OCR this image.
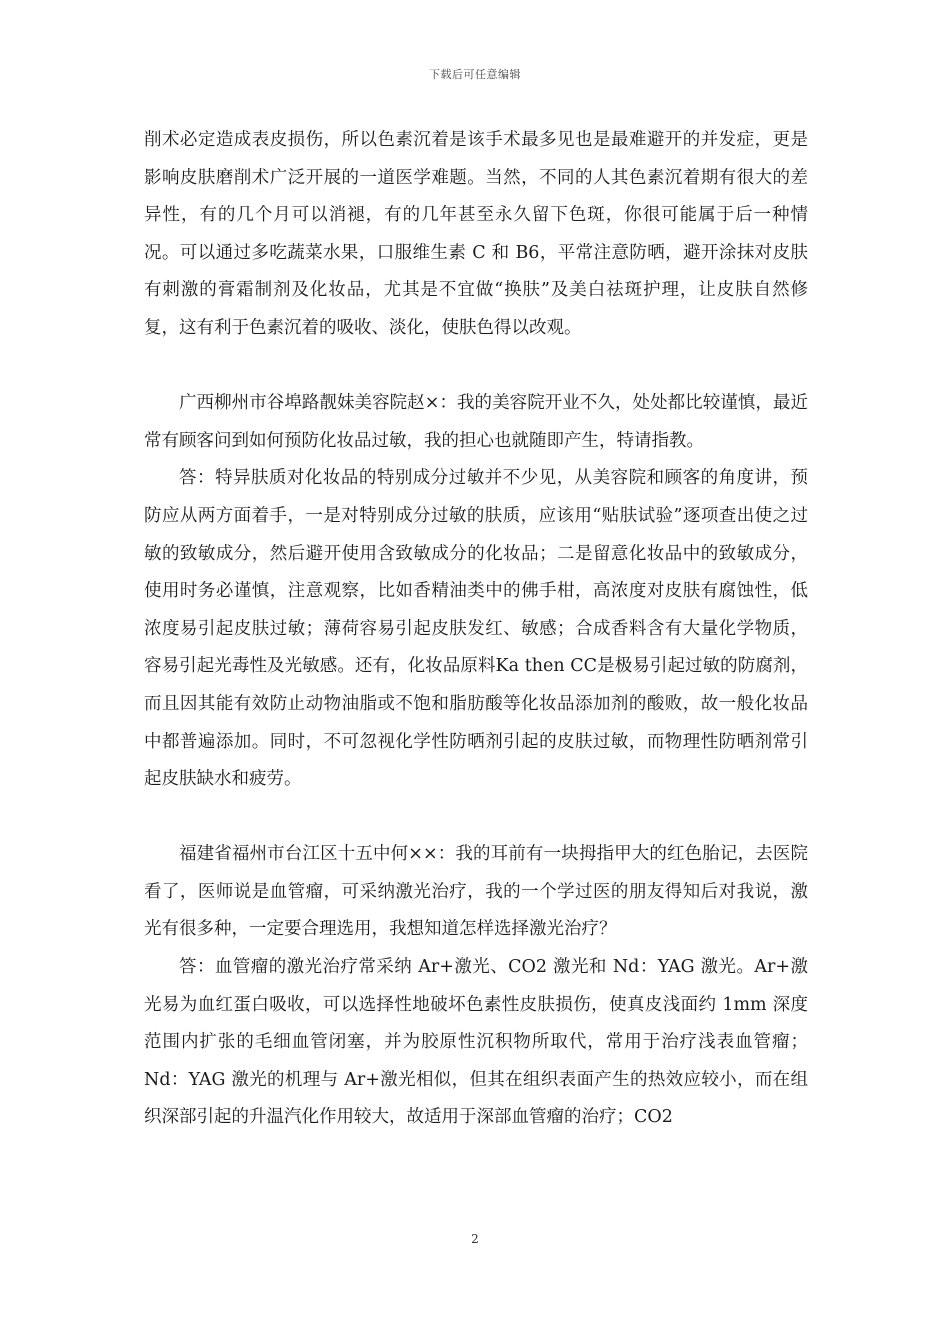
下载后可任意编辑

削术必定造成表皮损伤，所以色素沉着是该手术最多见也是最难避开的并发症，更是影响皮肤磨削术广泛开展的一道医学难题。当然，不同的人其色素沉着期有很大的差异性，有的几个月可以消褪，有的几年甚至永久留下色斑，你很可能属于后一种情况。可以通过多吃蔬菜水果，口服维生素 C 和 B6，平常注意防晒，避开涂抹对皮肤有刺激的膏霜制剂及化妆品，尤其是不宜做“换肤”及美白祛斑护理，让皮肤自然修复，这有利于色素沉着的吸收、淡化，使肤色得以改观。

广西柳州市谷埠路靓妹美容院赵×：我的美容院开业不久，处处都比较谨慎，最近常有顾客问到如何预防化妆品过敏，我的担心也就随即产生，特请指教。

答：特异肤质对化妆品的特别成分过敏并不少见，从美容院和顾客的角度讲，预防应从两方面着手，一是对特别成分过敏的肤质，应该用“贴肤试验”逐项查出使之过敏的致敏成分，然后避开使用含致敏成分的化妆品；二是留意化妆品中的致敏成分，使用时务必谨慎，注意观察，比如香精油类中的佛手柑，高浓度对皮肤有腐蚀性，低浓度易引起皮肤过敏；薄荷容易引起皮肤发红、敏感；合成香料含有大量化学物质，容易引起光毒性及光敏感。还有，化妆品原料Ka then CC是极易引起过敏的防腐剂，而且因其能有效防止动物油脂或不饱和脂肪酸等化妆品添加剂的酸败，故一般化妆品中都普遍添加。同时，不可忽视化学性防晒剂引起的皮肤过敏，而物理性防晒剂常引起皮肤缺水和疲劳。

福建省福州市台江区十五中何××：我的耳前有一块拇指甲大的红色胎记，去医院看了，医师说是血管瘤，可采纳激光治疗，我的一个学过医的朋友得知后对我说，激光有很多种，一定要合理选用，我想知道怎样选择激光治疗？

答：血管瘤的激光治疗常采纳 Ar+激光、CO2 激光和 Nd：YAG 激光。Ar+激光易为血红蛋白吸收，可以选择性地破坏色素性皮肤损伤，使真皮浅面约 1mm 深度范围内扩张的毛细血管闭塞，并为胶原性沉积物所取代，常用于治疗浅表血管瘤；Nd：YAG 激光的机理与 Ar+激光相似，但其在组织表面产生的热效应较小，而在组织深部引起的升温汽化作用较大，故适用于深部血管瘤的治疗；CO2

2
